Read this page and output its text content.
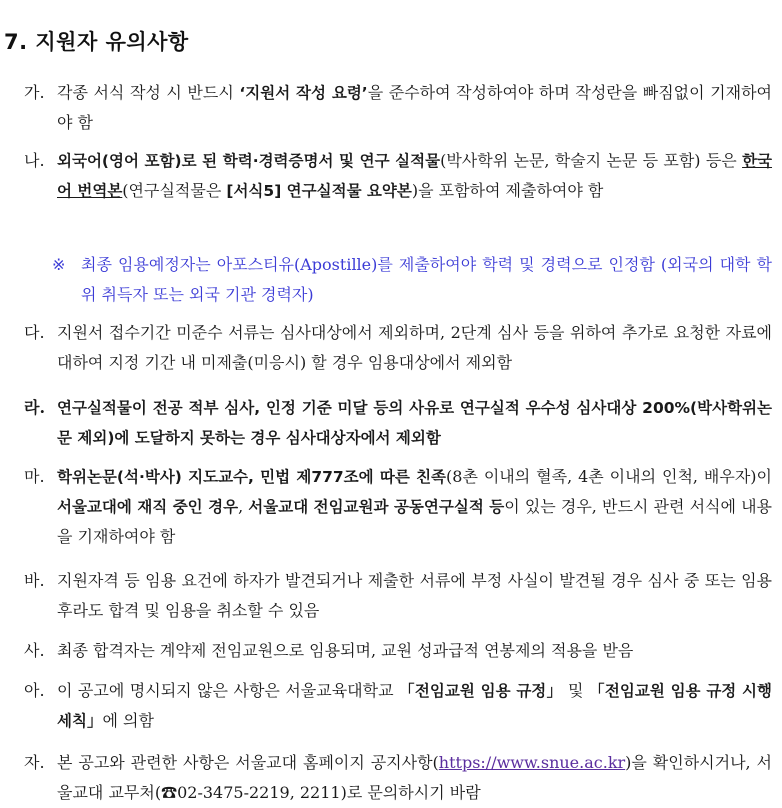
7. 지원자 유의사항
가. 각종 서식 작성 시 반드시 ‘지원서 작성 요령’을 준수하여 작성하여야 하며 작성란을 빠짐없이 기재하여야 함
나. 외국어(영어 포함)로 된 학력·경력증명서 및 연구 실적물(박사학위 논문, 학술지 논문 등 포함) 등은 한국어 번역본(연구실적물은 [서식5] 연구실적물 요약본)을 포함하여 제출하여야 함
※ 최종 임용예정자는 아포스티유(Apostille)를 제출하여야 학력 및 경력으로 인정함 (외국의 대학 학위 취득자 또는 외국 기관 경력자)
다. 지원서 접수기간 미준수 서류는 심사대상에서 제외하며, 2단계 심사 등을 위하여 추가로 요청한 자료에 대하여 지정 기간 내 미제출(미응시) 할 경우 임용대상에서 제외함
라. 연구실적물이 전공 적부 심사, 인정 기준 미달 등의 사유로 연구실적 우수성 심사대상 200%(박사학위논문 제외)에 도달하지 못하는 경우 심사대상자에서 제외함
마. 학위논문(석·박사) 지도교수, 민법 제777조에 따른 친족(8촌 이내의 혈족, 4촌 이내의 인척, 배우자)이 서울교대에 재직 중인 경우, 서울교대 전임교원과 공동연구실적 등이 있는 경우, 반드시 관련 서식에 내용을 기재하여야 함
바. 지원자격 등 임용 요건에 하자가 발견되거나 제출한 서류에 부정 사실이 발견될 경우 심사 중 또는 임용 후라도 합격 및 임용을 취소할 수 있음
사. 최종 합격자는 계약제 전임교원으로 임용되며, 교원 성과급적 연봉제의 적용을 받음
아. 이 공고에 명시되지 않은 사항은 서울교육대학교 「전임교원 임용 규정」 및 「전임교원 임용 규정 시행세칙」에 의함
자. 본 공고와 관련한 사항은 서울교대 홈페이지 공지사항(https://www.snue.ac.kr)을 확인하시거나, 서울교대 교무처(☎02-3475-2219, 2211)로 문의하시기 바람
